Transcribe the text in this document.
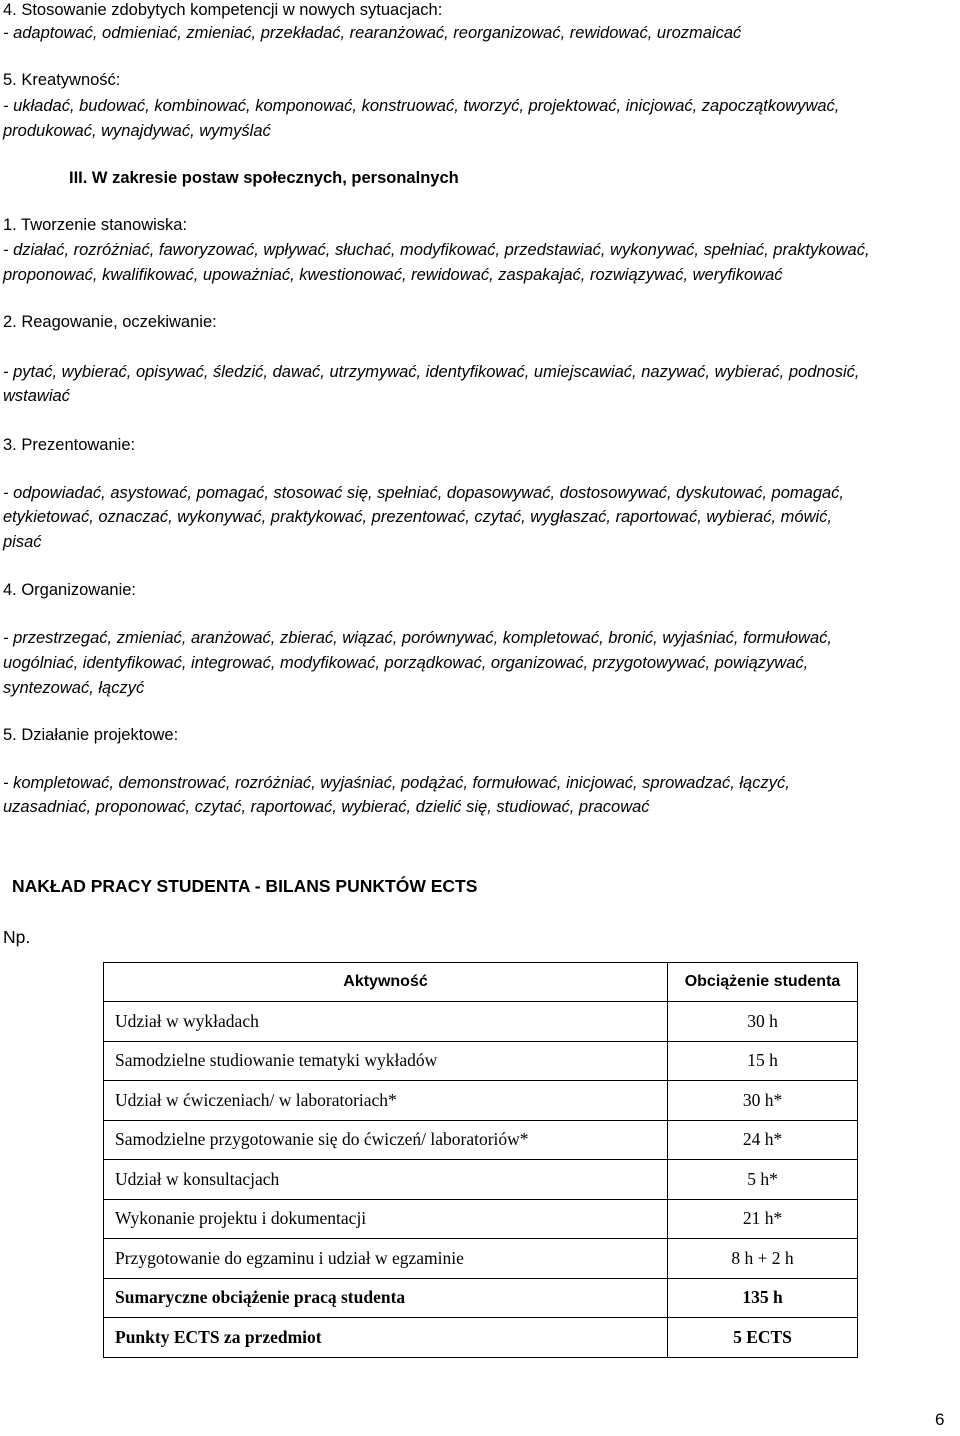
4. Stosowanie zdobytych kompetencji w nowych sytuacjach:
- adaptować, odmieniać, zmieniać, przekładać, rearanżować, reorganizować, rewidować, urozmaicać
5. Kreatywność:
- układać, budować, kombinować, komponować, konstruować, tworzyć, projektować, inicjować, zapoczątkowywać,
produkować, wynajdywać, wymyślać
III. W zakresie postaw społecznych, personalnych
1. Tworzenie stanowiska:
- działać, rozróżniać, faworyzować, wpływać, słuchać, modyfikować, przedstawiać, wykonywać, spełniać, praktykować,
proponować, kwalifikować, upoważniać, kwestionować, rewidować, zaspakajać, rozwiązywać, weryfikować
2. Reagowanie, oczekiwanie:
- pytać, wybierać, opisywać, śledzić, dawać, utrzymywać, identyfikować, umiejscawiać, nazywać, wybierać, podnosić,
wstawiać
3. Prezentowanie:
- odpowiadać, asystować, pomagać, stosować się, spełniać, dopasowywać, dostosowywać, dyskutować, pomagać,
etykietować, oznaczać, wykonywać, praktykować, prezentować, czytać, wygłaszać, raportować, wybierać, mówić,
pisać
4. Organizowanie:
- przestrzegać, zmieniać, aranżować, zbierać, wiązać, porównywać, kompletować, bronić, wyjaśniać, formułować,
uogólniać, identyfikować, integrować, modyfikować, porządkować, organizować, przygotowywać, powiązywać,
syntezować, łączyć
5. Działanie projektowe:
- kompletować, demonstrować, rozróżniać, wyjaśniać, podążać, formułować, inicjować, sprowadzać, łączyć,
uzasadniać, proponować, czytać, raportować, wybierać, dzielić się, studiować, pracować
NAKŁAD PRACY STUDENTA - BILANS PUNKTÓW ECTS
Np.
Aktywność	Obciążenie studenta
Udział w wykładach	30 h
Samodzielne studiowanie tematyki wykładów	15 h
Udział w ćwiczeniach/ w laboratoriach*	30 h*
Samodzielne przygotowanie się do ćwiczeń/ laboratoriów*	24 h*
Udział w konsultacjach	5 h*
Wykonanie projektu i dokumentacji	21 h*
Przygotowanie do egzaminu i udział w egzaminie	8 h + 2 h
Sumaryczne obciążenie pracą studenta	135 h
Punkty ECTS za przedmiot	5 ECTS
6
